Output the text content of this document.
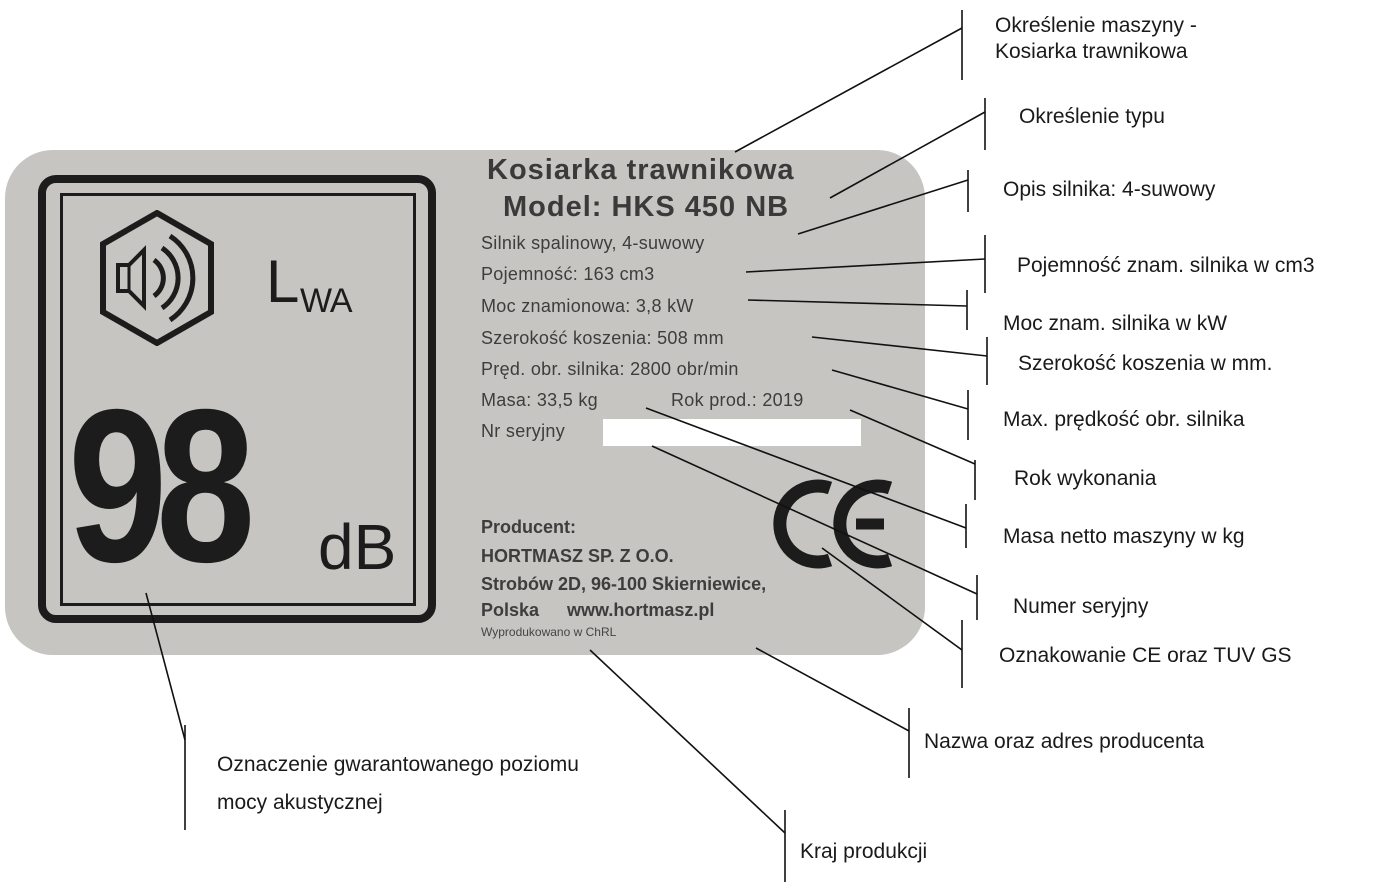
L WA
98 dB
Kosiarka trawnikowa
Model: HKS 450 NB
Silnik spalinowy, 4-suwowy
Pojemność: 163 cm3
Moc znamionowa: 3,8 kW
Szerokość koszenia: 508 mm
Pręd. obr. silnika: 2800 obr/min
Masa: 33,5 kg	Rok prod.: 2019
Nr seryjny
Producent:
HORTMASZ SP. Z O.O.
Strobów 2D, 96-100 Skierniewice,
Polska www.hortmasz.pl
Wyprodukowano w ChRL
Określenie maszyny -
Kosiarka trawnikowa
Określenie typu
Opis silnika: 4-suwowy
Pojemność znam. silnika w cm3
Moc znam. silnika w kW
Szerokość koszenia w mm.
Max. prędkość obr. silnika
Rok wykonania
Masa netto maszyny w kg
Numer seryjny
Oznakowanie CE oraz TUV GS
Nazwa oraz adres producenta
Kraj produkcji
Oznaczenie gwarantowanego poziomu
mocy akustycznej
